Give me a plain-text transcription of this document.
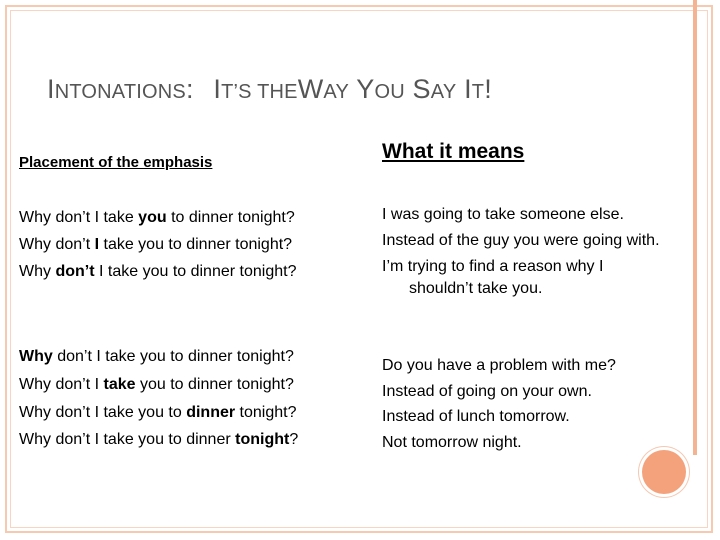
INTONATIONS: IT’S THEWAY YOU SAY IT!
Placement of the emphasis	What it means
Why don’t I take you to dinner tonight?
Why don’t I take you to dinner tonight?
Why don’t I take you to dinner tonight?
Why don’t I take you to dinner tonight?
Why don’t I take you to dinner tonight?
Why don’t I take you to dinner tonight?
Why don’t I take you to dinner tonight?
I was going to take someone else.
Instead of the guy you were going with.
I’m trying to find a reason why I
shouldn’t take you.
Do you have a problem with me?
Instead of going on your own.
Instead of lunch tomorrow.
Not tomorrow night.
